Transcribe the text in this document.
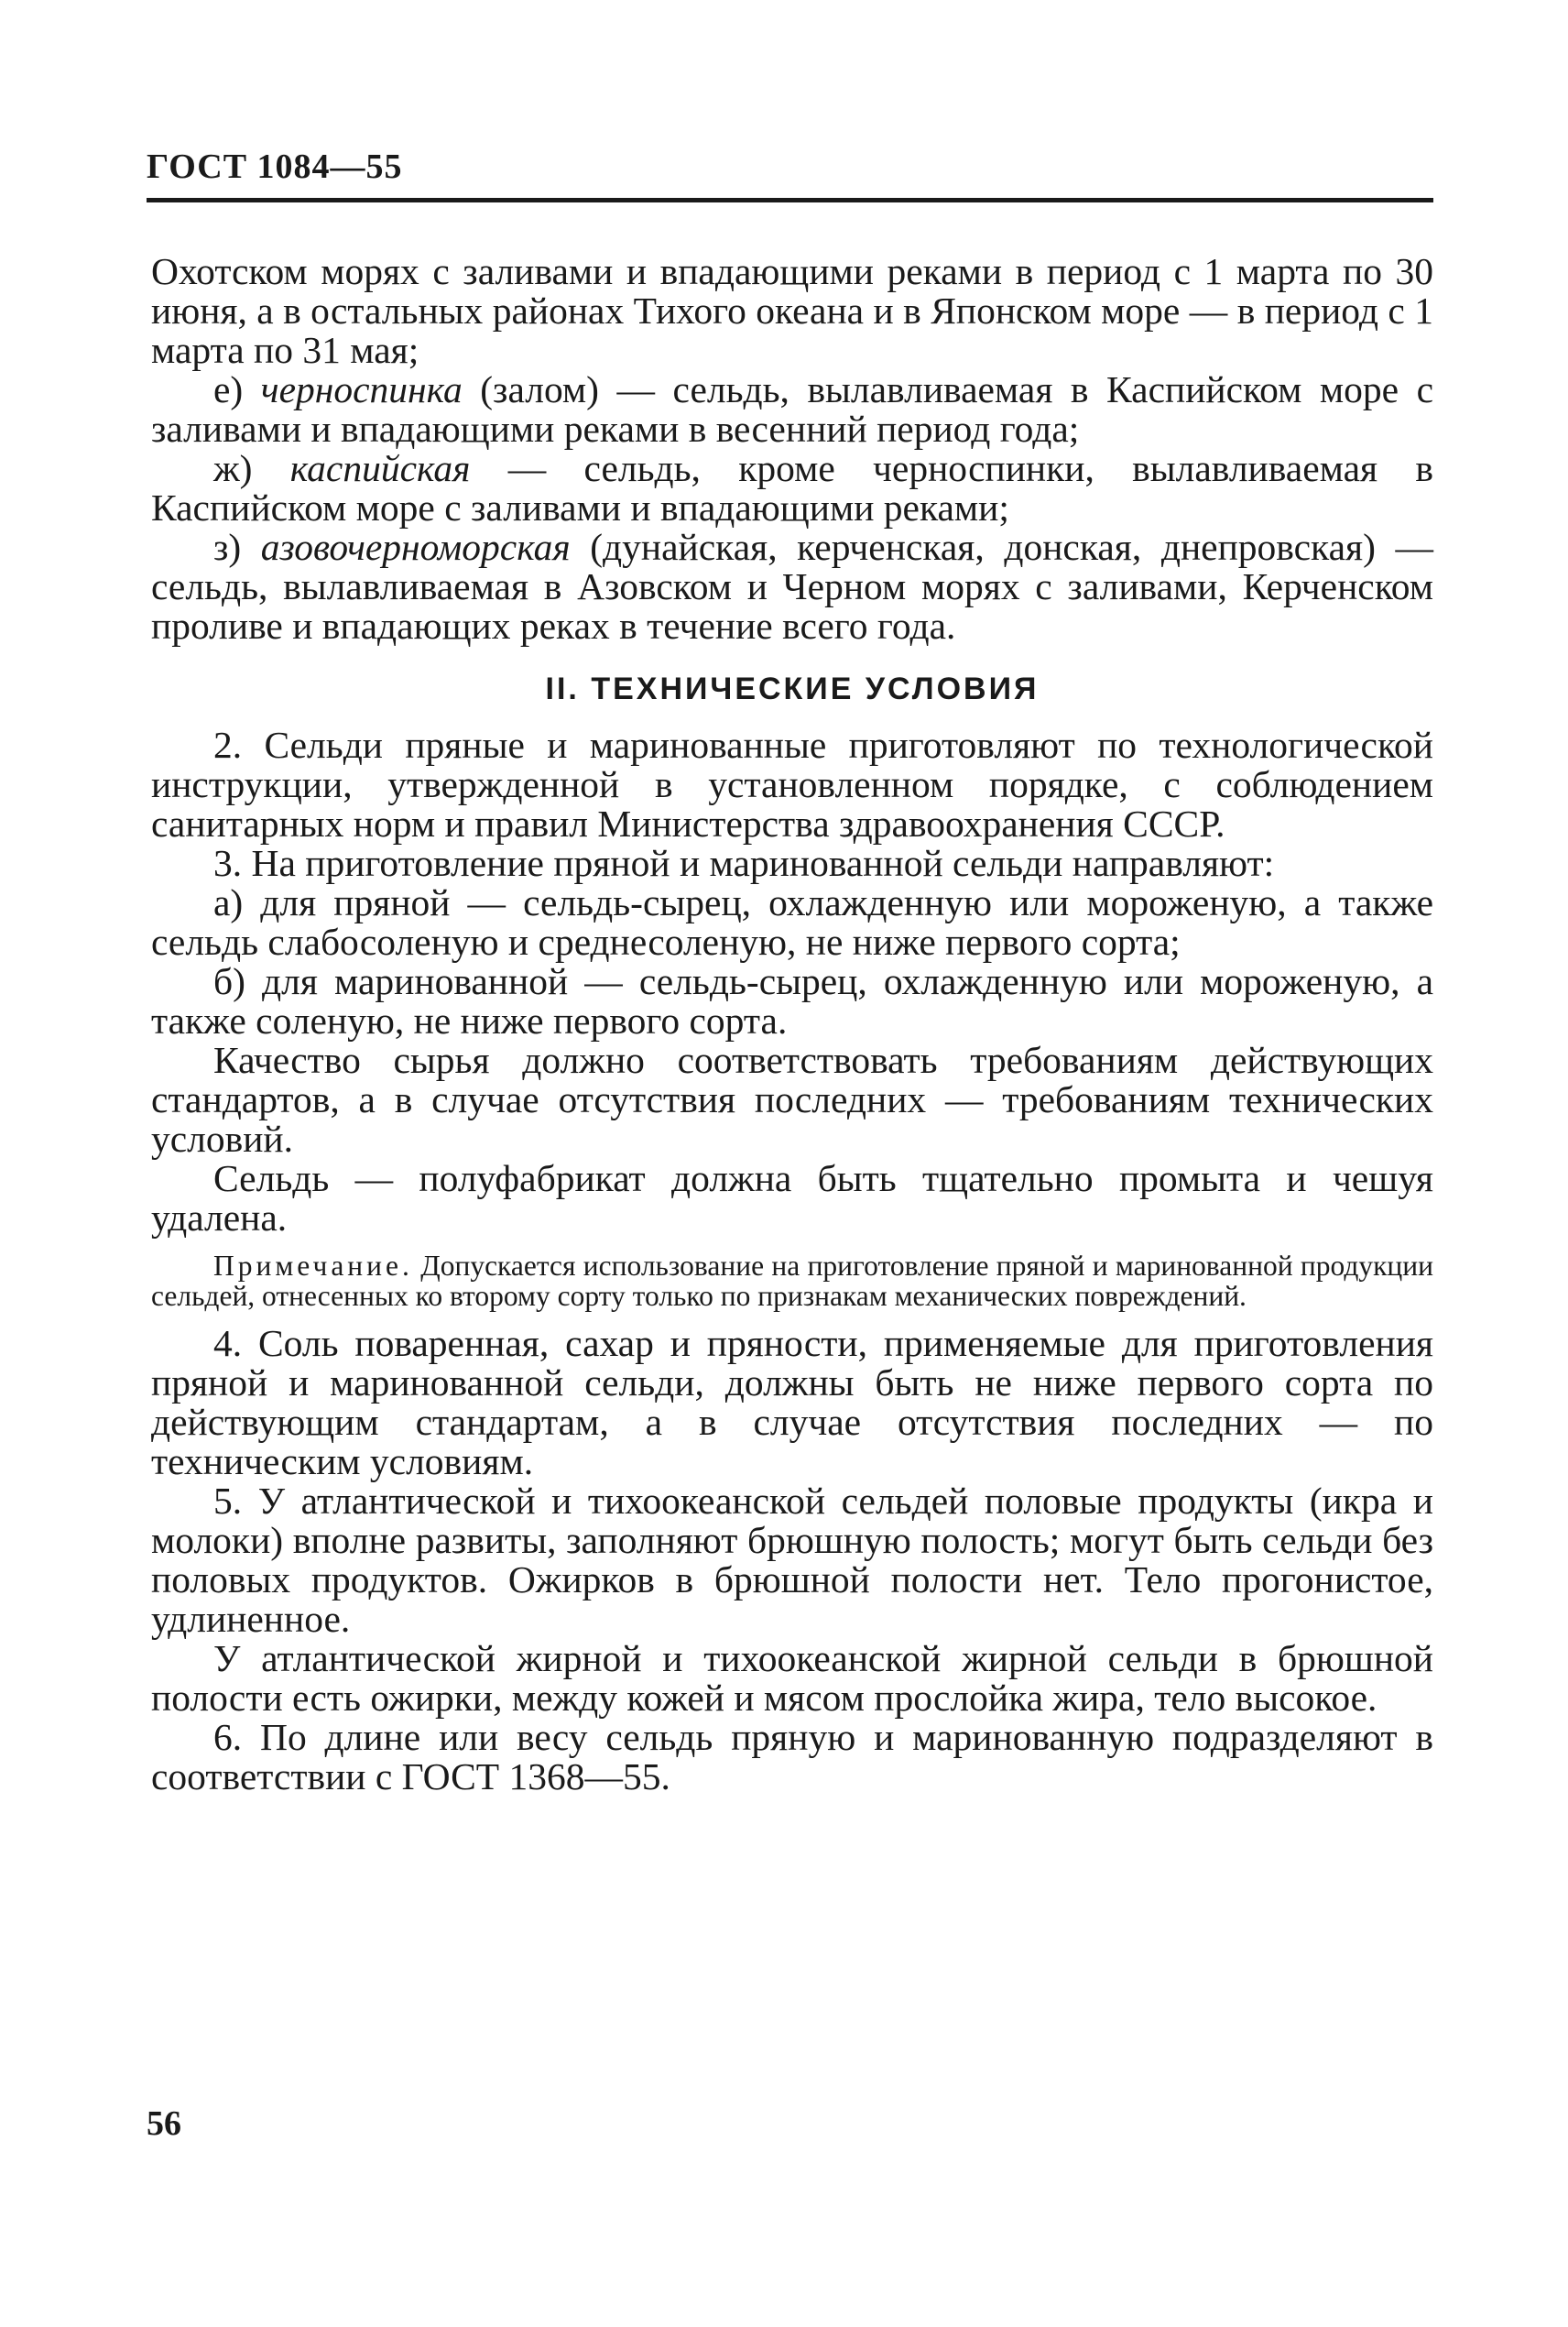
ГОСТ 1084—55

Охотском морях с заливами и впадающими реками в период с 1 марта по 30 июня, а в остальных районах Тихого океана и в Японском море — в период с 1 марта по 31 мая;

е) черноспинка (залом) — сельдь, вылавливаемая в Каспийском море с заливами и впадающими реками в весенний период года;

ж) каспийская — сельдь, кроме черноспинки, вылавливаемая в Каспийском море с заливами и впадающими реками;

з) азовочерноморская (дунайская, керченская, донская, днепровская) — сельдь, вылавливаемая в Азовском и Черном морях с заливами, Керченском проливе и впадающих реках в течение всего года.

II. ТЕХНИЧЕСКИЕ УСЛОВИЯ

2. Сельди пряные и маринованные приготовляют по технологической инструкции, утвержденной в установленном порядке, с соблюдением санитарных норм и правил Министерства здравоохранения СССР.

3. На приготовление пряной и маринованной сельди направляют:

а) для пряной — сельдь-сырец, охлажденную или мороженую, а также сельдь слабосоленую и среднесоленую, не ниже первого сорта;

б) для маринованной — сельдь-сырец, охлажденную или мороженую, а также соленую, не ниже первого сорта.

Качество сырья должно соответствовать требованиям действующих стандартов, а в случае отсутствия последних — требованиям технических условий.

Сельдь — полуфабрикат должна быть тщательно промыта и чешуя удалена.

Примечание. Допускается использование на приготовление пряной и маринованной продукции сельдей, отнесенных ко второму сорту только по признакам механических повреждений.

4. Соль поваренная, сахар и пряности, применяемые для приготовления пряной и маринованной сельди, должны быть не ниже первого сорта по действующим стандартам, а в случае отсутствия последних — по техническим условиям.

5. У атлантической и тихоокеанской сельдей половые продукты (икра и молоки) вполне развиты, заполняют брюшную полость; могут быть сельди без половых продуктов. Ожирков в брюшной полости нет. Тело прогонистое, удлиненное.

У атлантической жирной и тихоокеанской жирной сельди в брюшной полости есть ожирки, между кожей и мясом прослойка жира, тело высокое.

6. По длине или весу сельдь пряную и маринованную подразделяют в соответствии с ГОСТ 1368—55.

56
